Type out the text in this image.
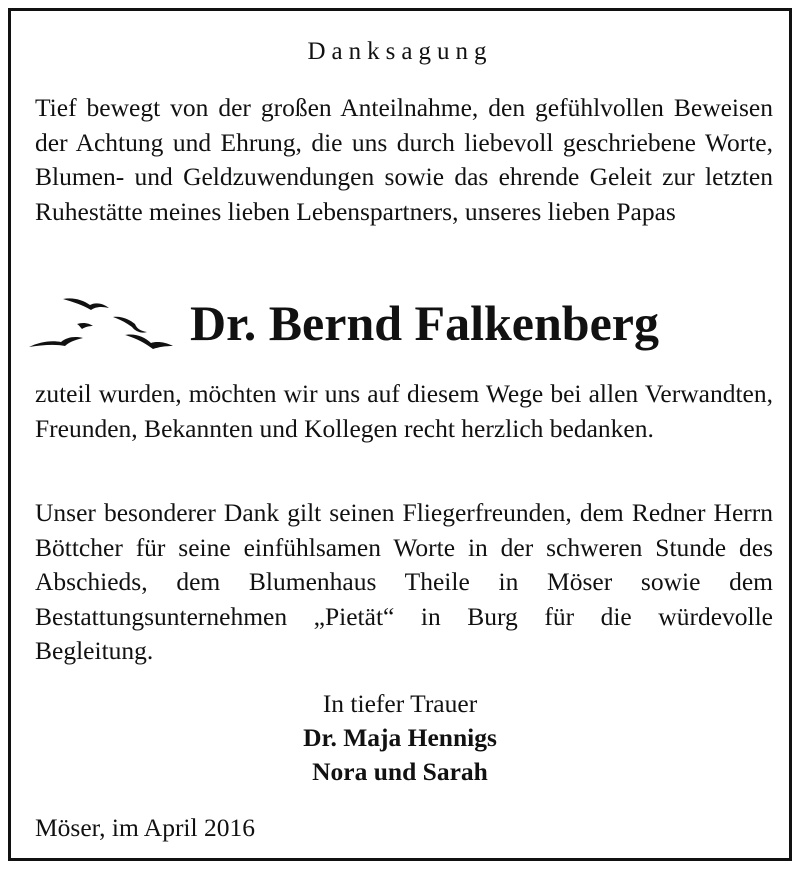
Danksagung

Tief bewegt von der großen Anteilnahme, den gefühlvollen Beweisen der Achtung und Ehrung, die uns durch liebevoll geschriebene Worte, Blumen- und Geldzuwendungen sowie das ehrende Geleit zur letzten Ruhestätte meines lieben Lebenspartners, unseres lieben Papas

Dr. Bernd Falkenberg

zuteil wurden, möchten wir uns auf diesem Wege bei allen Verwandten, Freunden, Bekannten und Kollegen recht herzlich bedanken.

Unser besonderer Dank gilt seinen Fliegerfreunden, dem Redner Herrn Böttcher für seine einfühlsamen Worte in der schweren Stunde des Abschieds, dem Blumenhaus Theile in Möser sowie dem Bestattungsunternehmen „Pietät“ in Burg für die würdevolle Begleitung.

In tiefer Trauer
Dr. Maja Hennigs
Nora und Sarah
Möser, im April 2016
